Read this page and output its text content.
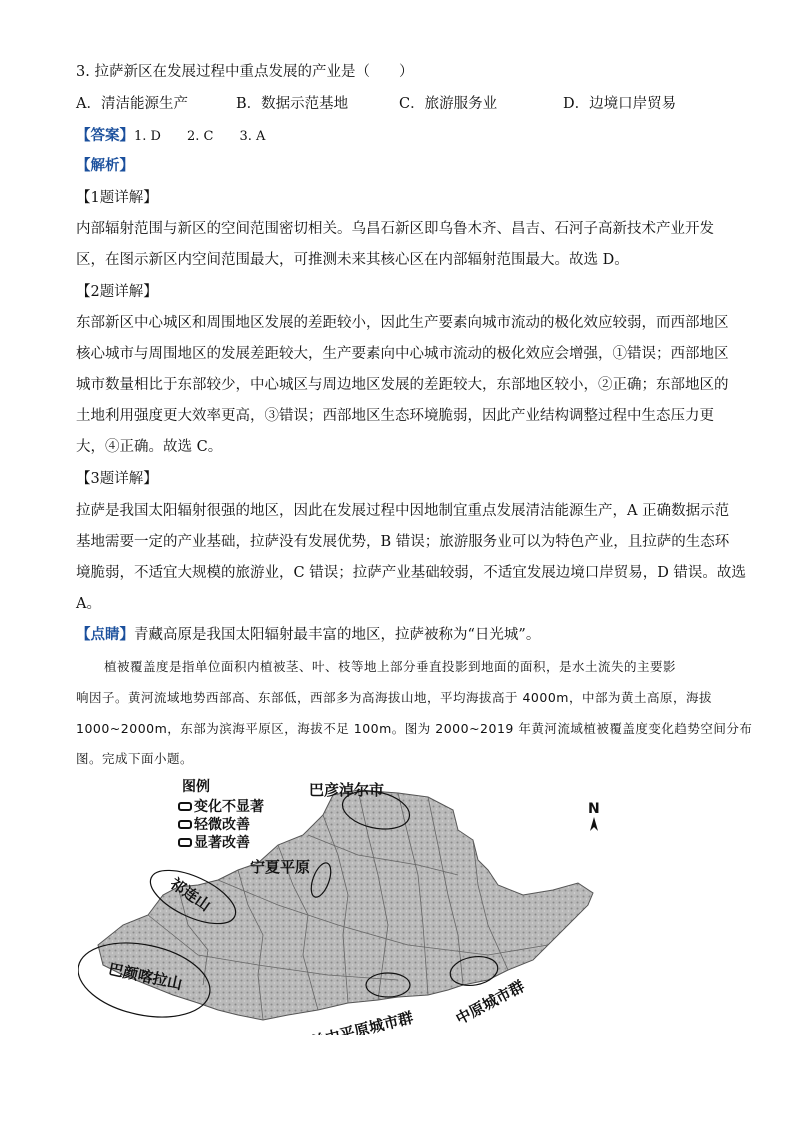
3. 拉萨新区在发展过程中重点发展的产业是（　　）
A．清洁能源生产	B．数据示范基地	C．旅游服务业	D．边境口岸贸易
【答案】1. D　　2. C　　3. A
【解析】
【1题详解】
内部辐射范围与新区的空间范围密切相关。乌昌石新区即乌鲁木齐、昌吉、石河子高新技术产业开发
区，在图示新区内空间范围最大，可推测未来其核心区在内部辐射范围最大。故选 D。
【2题详解】
东部新区中心城区和周围地区发展的差距较小，因此生产要素向城市流动的极化效应较弱，而西部地区
核心城市与周围地区的发展差距较大，生产要素向中心城市流动的极化效应会增强，①错误；西部地区
城市数量相比于东部较少，中心城区与周边地区发展的差距较大，东部地区较小，②正确；东部地区的
土地利用强度更大效率更高，③错误；西部地区生态环境脆弱，因此产业结构调整过程中生态压力更
大，④正确。故选 C。
【3题详解】
拉萨是我国太阳辐射很强的地区，因此在发展过程中因地制宜重点发展清洁能源生产，A 正确数据示范
基地需要一定的产业基础，拉萨没有发展优势，B 错误；旅游服务业可以为特色产业，且拉萨的生态环
境脆弱，不适宜大规模的旅游业，C 错误；拉萨产业基础较弱，不适宜发展边境口岸贸易，D 错误。故选
A。
【点睛】青藏高原是我国太阳辐射最丰富的地区，拉萨被称为“日光城”。
植被覆盖度是指单位面积内植被茎、叶、枝等地上部分垂直投影到地面的面积，是水土流失的主要影
响因子。黄河流域地势西部高、东部低，西部多为高海拔山地，平均海拔高于 4000m，中部为黄土高原，海拔
1000~2000m，东部为滨海平原区，海拔不足 100m。图为 2000~2019 年黄河流域植被覆盖度变化趋势空间分布
图。完成下面小题。
图例
变化不显著
轻微改善
显著改善
N
巴彦淖尔市
宁夏平原
祁连山
巴颜喀拉山
关中平原城市群
中原城市群
